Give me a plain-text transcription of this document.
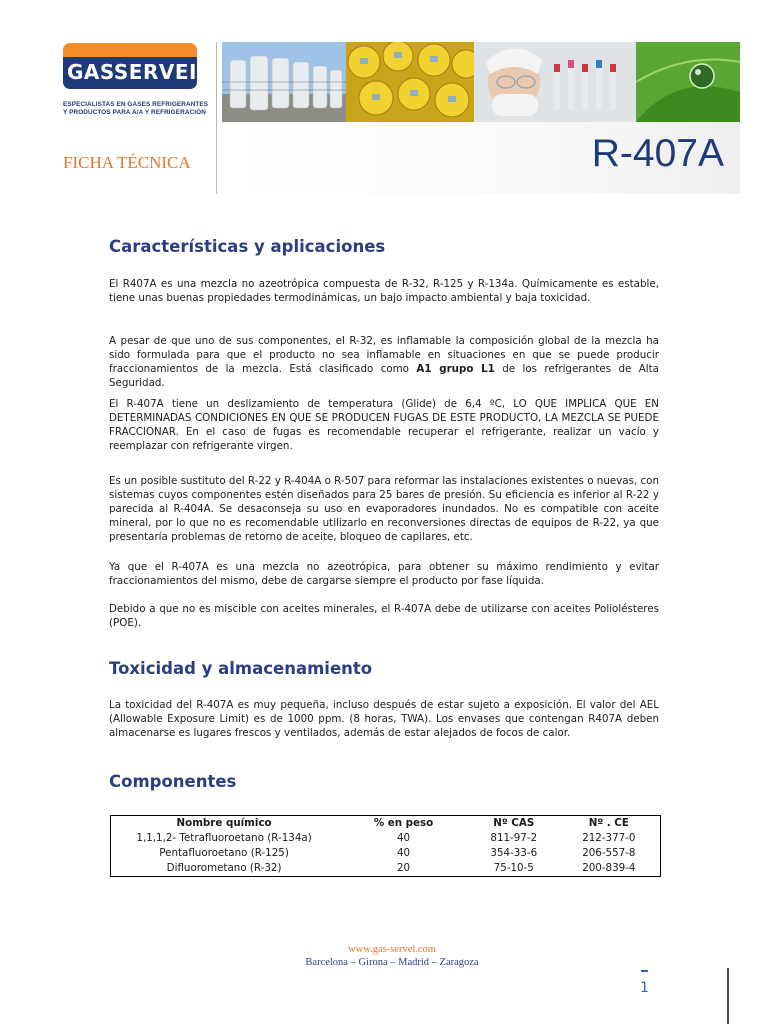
GASSERVEI
ESPECIALISTAS EN GASES REFRIGERANTES
Y PRODUCTOS PARA A/A Y REFRIGERACIÓN
FICHA TÉCNICA	R-407A
Características y aplicaciones
El R407A es una mezcla no azeotrópica compuesta de R-32, R-125 y R-134a. Químicamente es estable, tiene unas buenas propiedades termodinámicas, un bajo impacto ambiental y baja toxicidad.
A pesar de que uno de sus componentes, el R-32, es inflamable la composición global de la mezcla ha sido formulada para que el producto no sea inflamable en situaciones en que se puede producir fraccionamientos de la mezcla. Está clasificado como A1 grupo L1 de los refrigerantes de Alta Seguridad.
El R-407A tiene un deslizamiento de temperatura (Glide) de 6,4 ºC, LO QUE IMPLICA QUE EN DETERMINADAS CONDICIONES EN QUE SE PRODUCEN FUGAS DE ESTE PRODUCTO, LA MEZCLA SE PUEDE FRACCIONAR. En el caso de fugas es recomendable recuperar el refrigerante, realizar un vacío y reemplazar con refrigerante virgen.
Es un posible sustituto del R-22 y R-404A o R-507 para reformar las instalaciones existentes o nuevas, con sistemas cuyos componentes estén diseñados para 25 bares de presión. Su eficiencia es inferior al R-22 y parecida al R-404A. Se desaconseja su uso en evaporadores inundados. No es compatible con aceite mineral, por lo que no es recomendable utilizarlo en reconversiones directas de equipos de R-22, ya que presentaría problemas de retorno de aceite, bloqueo de capilares, etc.
Ya que el R-407A es una mezcla no azeotrópica, para obtener su máximo rendimiento y evitar fraccionamientos del mismo, debe de cargarse siempre el producto por fase líquida.
Debido a que no es miscible con aceites minerales, el R-407A debe de utilizarse con aceites Poliolésteres (POE).
Toxicidad y almacenamiento
La toxicidad del R-407A es muy pequeña, incluso después de estar sujeto a exposición. El valor del AEL (Allowable Exposure Limit) es de 1000 ppm. (8 horas, TWA). Los envases que contengan R407A deben almacenarse es lugares frescos y ventilados, además de estar alejados de focos de calor.
Componentes
Nombre químico	% en peso	Nº CAS	Nº . CE
1,1,1,2- Tetrafluoroetano (R-134a)	40	811-97-2	212-377-0
Pentafluoroetano (R-125)	40	354-33-6	206-557-8
Difluorometano (R-32)	20	75-10-5	200-839-4
www.gas-servei.com
Barcelona – Girona – Madrid – Zaragoza
1
